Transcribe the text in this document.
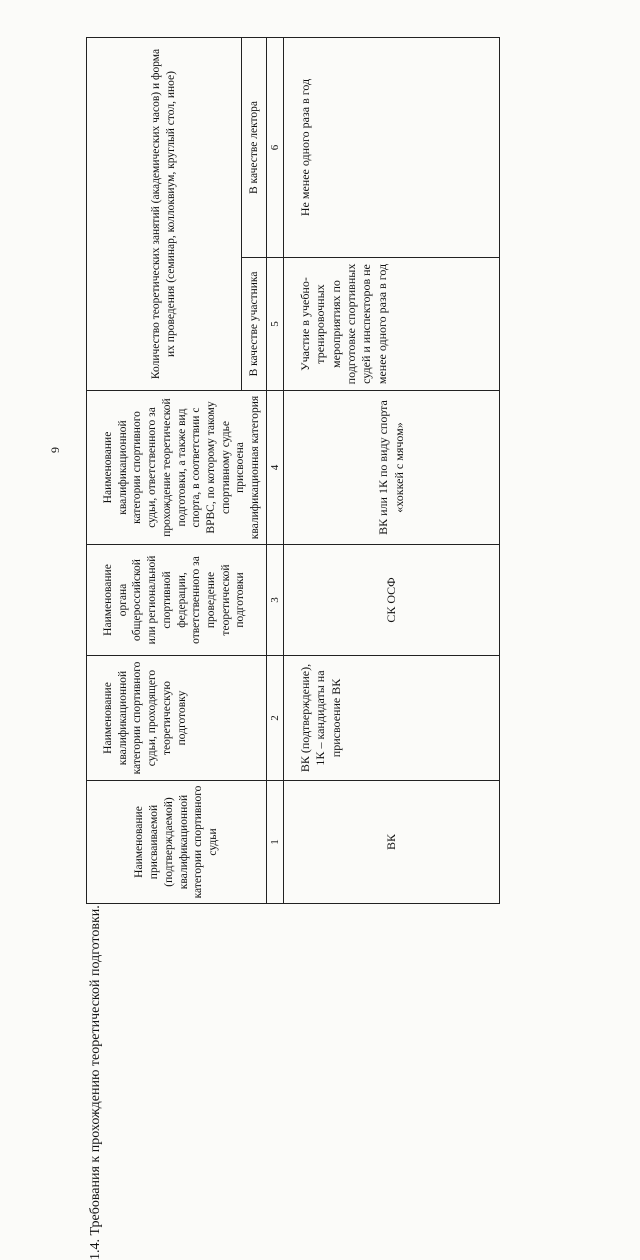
9
1.4. Требования к прохождению теоретической подготовки.
Наименование присваиваемой (подтверждаемой) квалификационной категории спортивного судьи	Наименование квалификационной категории спортивного судьи, проходящего теоретическую подготовку	Наименование органа общероссийской или региональной спортивной федерации, ответственного за проведение теоретической подготовки	Наименование квалификационной категории спортивного судьи, ответственного за прохождение теоретической подготовки, а также вид спорта, в соответствии с ВРВС, по которому такому спортивному судье присвоена квалификационная категория	Количество теоретических занятий (академических часов) и форма их проведения (семинар, коллоквиум, круглый стол, иное)	
				В качестве участника	В качестве лектора
1	2	3	4	5	6
ВК	ВК (подтверждение), 1К – кандидаты на присвоение ВК	СК ОСФ	ВК или 1К по виду спорта «хоккей с мячом»	Участие в учебно-тренировочных мероприятиях по подготовке спортивных судей и инспекторов не менее одного раза в год	Не менее одного раза в год
